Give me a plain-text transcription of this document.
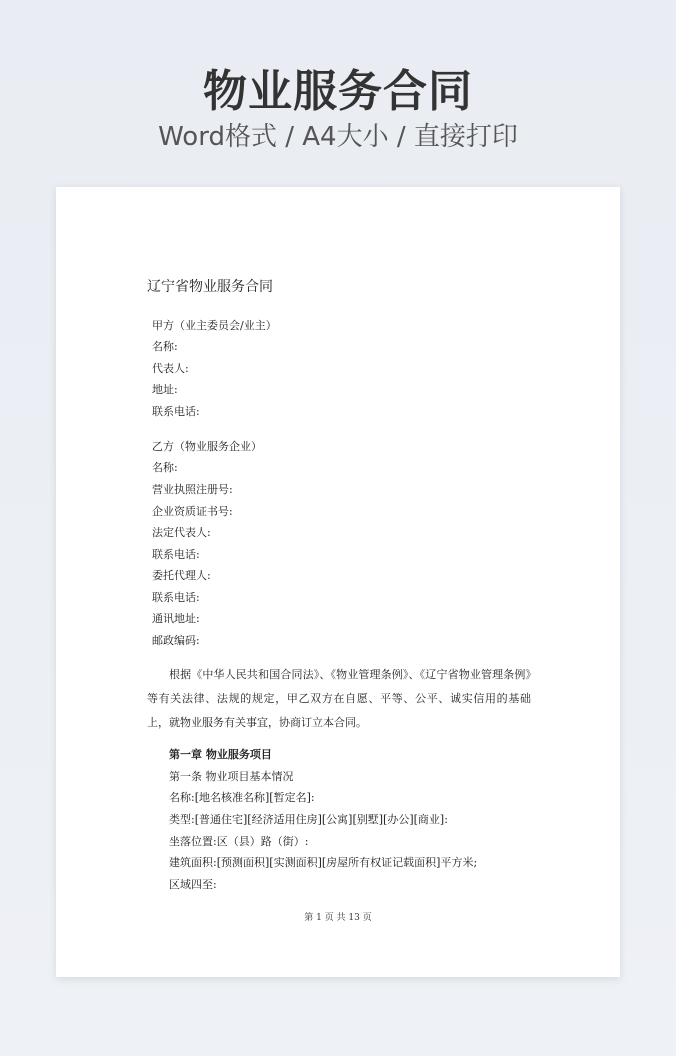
物业服务合同
Word格式 / A4大小 / 直接打印
辽宁省物业服务合同
甲方（业主委员会/业主）
名称:
代表人:
地址:
联系电话:
乙方（物业服务企业）
名称:
营业执照注册号:
企业资质证书号:
法定代表人:
联系电话:
委托代理人:
联系电话:
通讯地址:
邮政编码:
根据《中华人民共和国合同法》、《物业管理条例》、《辽宁省物业管理条例》等有关法律、法规的规定，甲乙双方在自愿、平等、公平、诚实信用的基础上，就物业服务有关事宜，协商订立本合同。
第一章 物业服务项目
第一条 物业项目基本情况
名称:[地名核准名称][暂定名]:
类型:[普通住宅][经济适用住房][公寓][别墅][办公][商业]:
坐落位置:区（县）路（街）:
建筑面积:[预测面积][实测面积][房屋所有权证记载面积]平方米;
区域四至:
第 1 页 共 13 页
